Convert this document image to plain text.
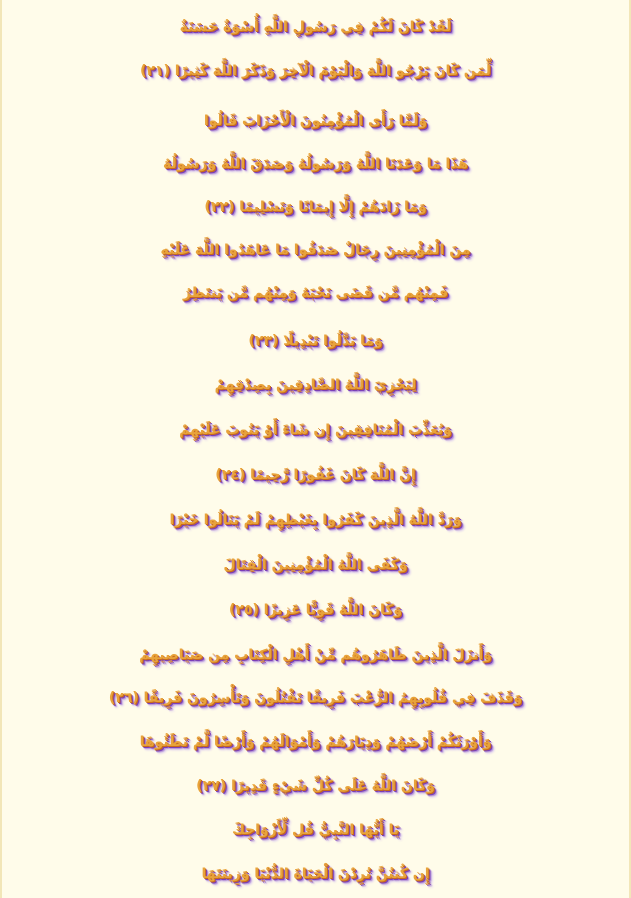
لَقَدْ كَانَ لَكُمْ فِي رَسُولِ اللَّهِ أُسْوَةٌ حَسَنَةٌ
لِّمَن كَانَ يَرْجُو اللَّهَ وَالْيَوْمَ الْآخِرَ وَذَكَرَ اللَّهَ كَثِيرًا (٢١)
وَلَمَّا رَأَى الْمُؤْمِنُونَ الْأَحْزَابَ قَالُوا
هَذَا مَا وَعَدَنَا اللَّهُ وَرَسُولُهُ وَصَدَقَ اللَّهُ وَرَسُولُهُ
وَمَا زَادَهُمْ إِلَّا إِيمَانًا وَتَسْلِيمًا (٢٢)
مِنَ الْمُؤْمِنِينَ رِجَالٌ صَدَقُوا مَا عَاهَدُوا اللَّهَ عَلَيْهِ
فَمِنْهُم مَّن قَضَى نَحْبَهُ وَمِنْهُم مَّن يَنتَظِرُ
وَمَا بَدَّلُوا تَبْدِيلًا (٢٣)
لِيَجْزِيَ اللَّهُ الصَّادِقِينَ بِصِدْقِهِمْ
وَيُعَذِّبَ الْمُنَافِقِينَ إِن شَاءَ أَوْ يَتُوبَ عَلَيْهِمْ
إِنَّ اللَّهَ كَانَ غَفُورًا رَّحِيمًا (٢٤)
وَرَدَّ اللَّهُ الَّذِينَ كَفَرُوا بِغَيْظِهِمْ لَمْ يَنَالُوا خَيْرًا
وَكَفَى اللَّهُ الْمُؤْمِنِينَ الْقِتَالَ
وَكَانَ اللَّهُ قَوِيًّا عَزِيزًا (٢٥)
وَأَنزَلَ الَّذِينَ ظَاهَرُوهُم مِّنْ أَهْلِ الْكِتَابِ مِن صَيَاصِيهِمْ
وَقَذَفَ فِي قُلُوبِهِمُ الرُّعْبَ فَرِيقًا تَقْتُلُونَ وَتَأْسِرُونَ فَرِيقًا (٢٦)
وَأَوْرَثَكُمْ أَرْضَهُمْ وَدِيَارَهُمْ وَأَمْوَالَهُمْ وَأَرْضًا لَّمْ تَطَئُوهَا
وَكَانَ اللَّهُ عَلَى كُلِّ شَيْءٍ قَدِيرًا (٢٧)
يَا أَيُّهَا النَّبِيُّ قُل لِّأَزْوَاجِكَ
إِن كُنتُنَّ تُرِدْنَ الْحَيَاةَ الدُّنْيَا وَزِينَتَهَا
